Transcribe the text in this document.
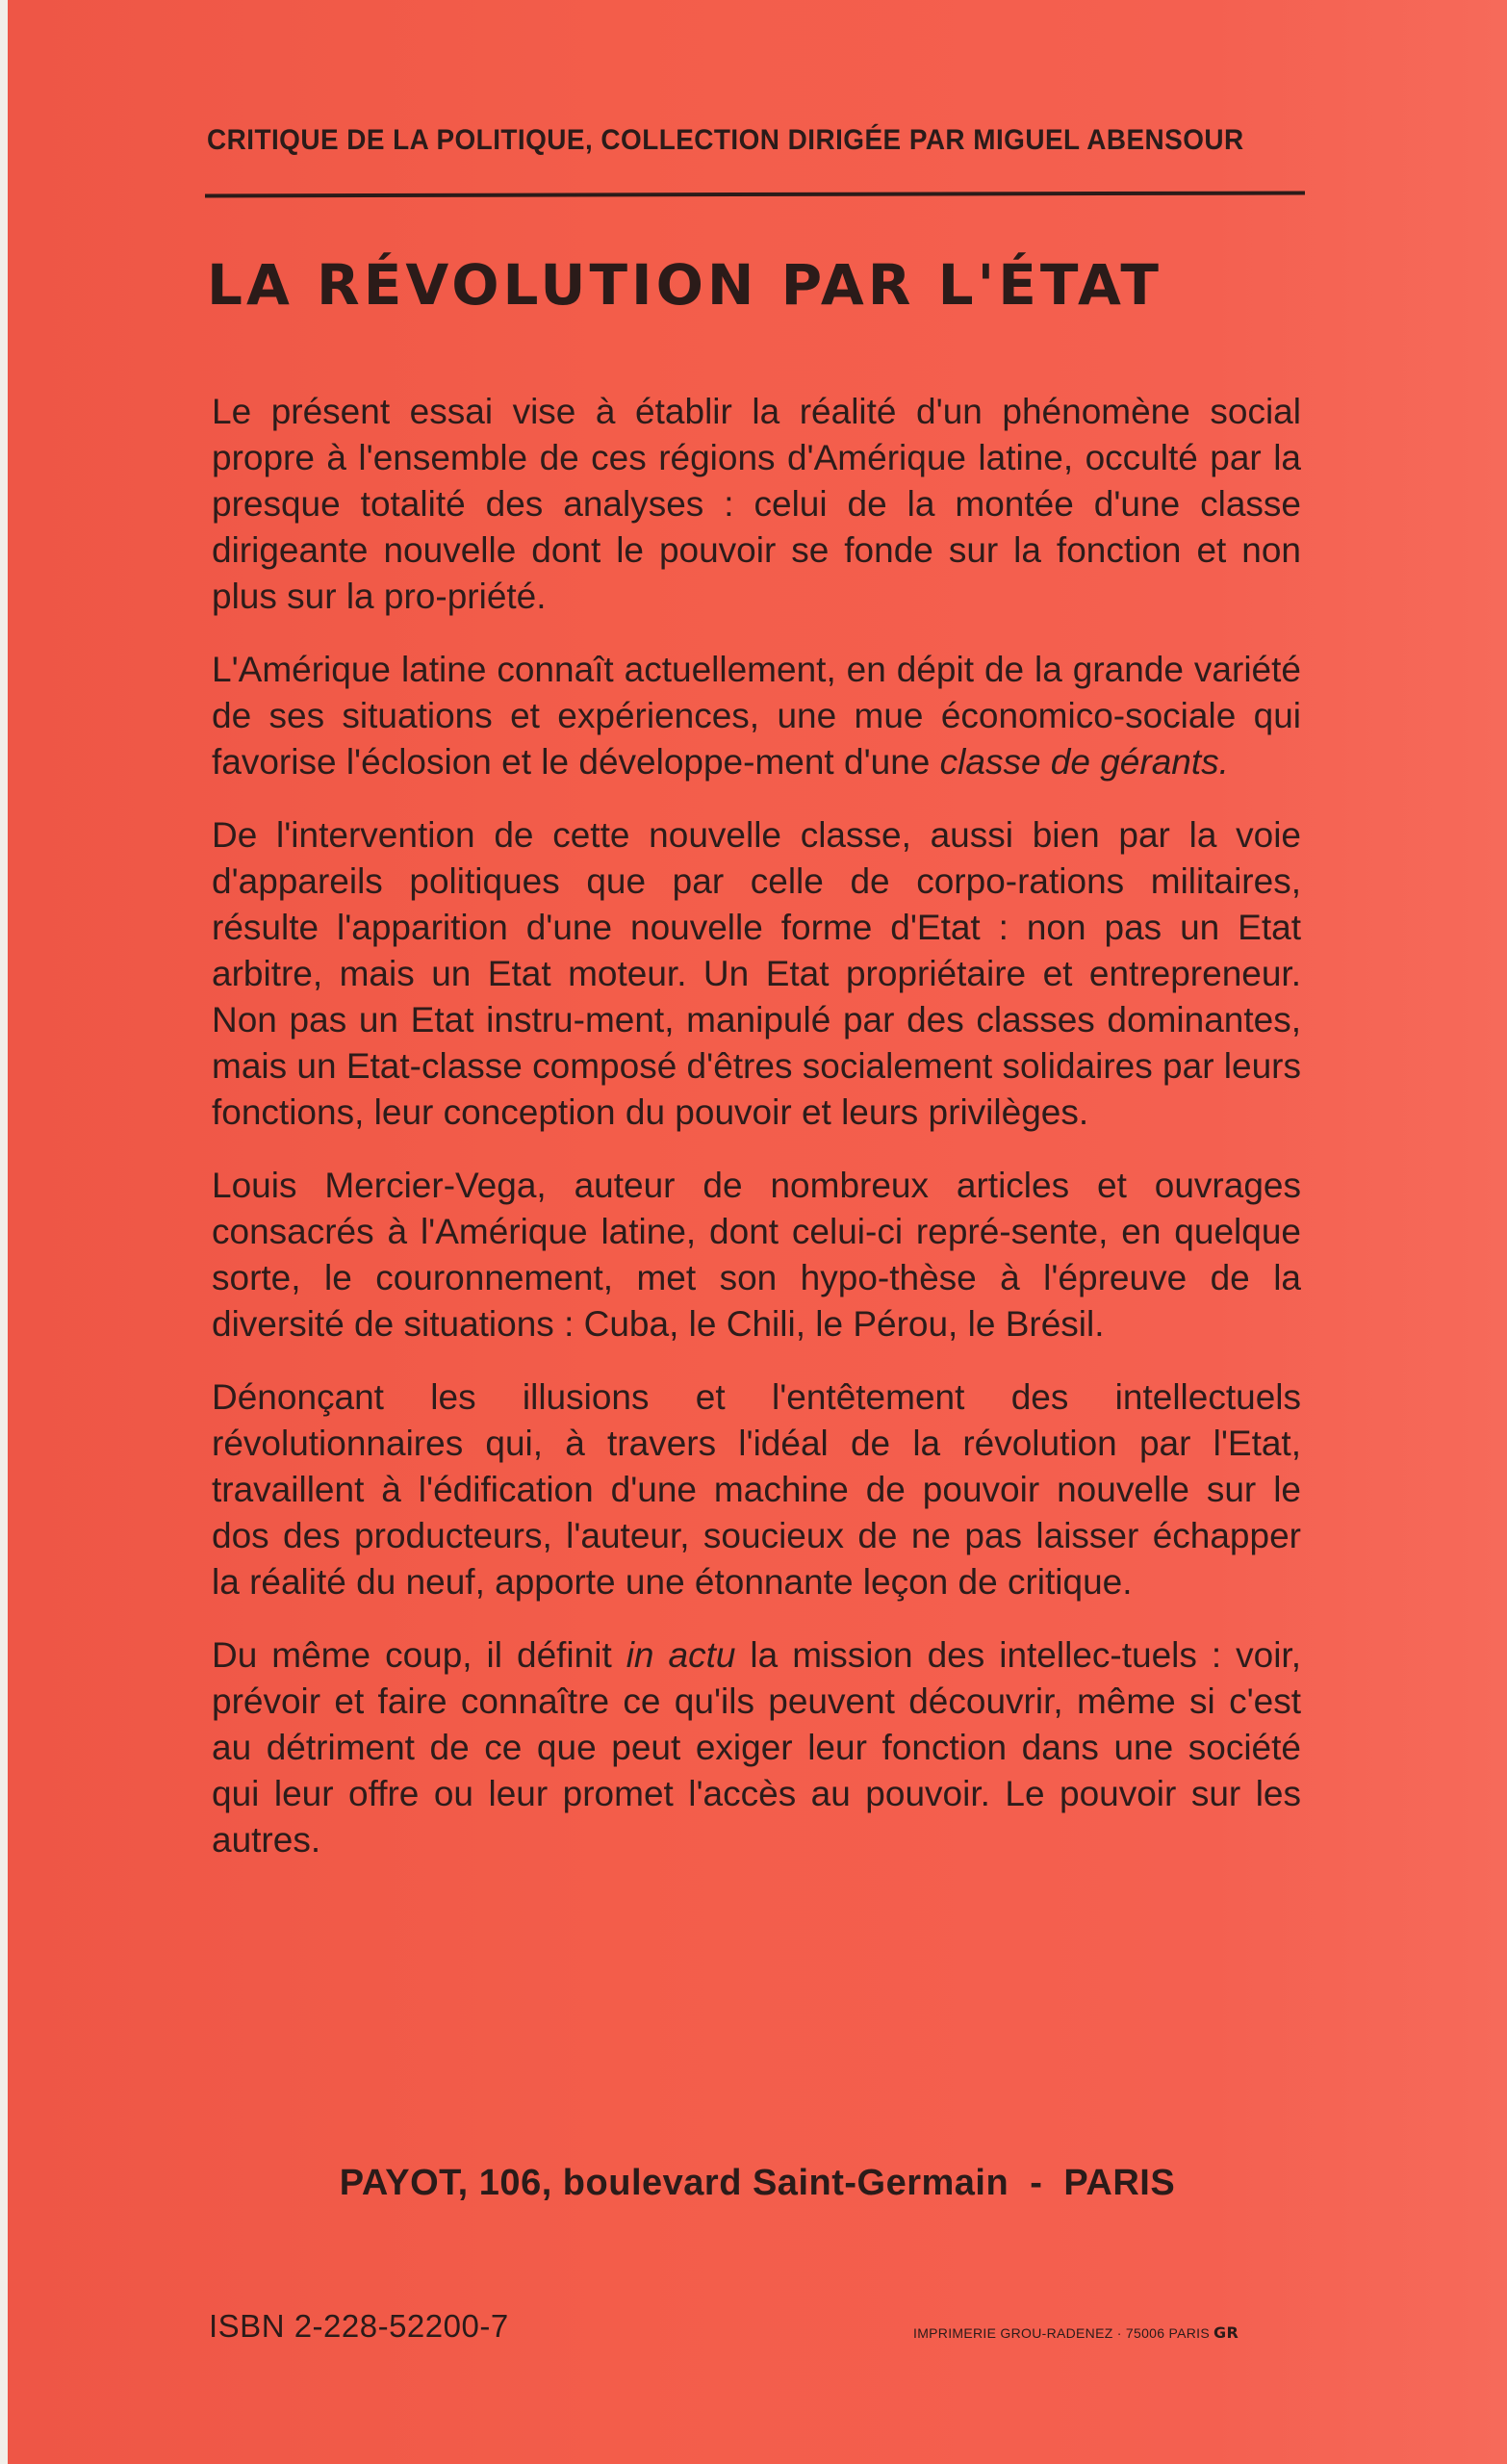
CRITIQUE DE LA POLITIQUE, COLLECTION DIRIGÉE PAR MIGUEL ABENSOUR
LA RÉVOLUTION PAR L'ÉTAT

Le présent essai vise à établir la réalité d'un phénomène social propre à l'ensemble de ces régions d'Amérique latine, occulté par la presque totalité des analyses : celui de la montée d'une classe dirigeante nouvelle dont le pouvoir se fonde sur la fonction et non plus sur la pro-priété.

L'Amérique latine connaît actuellement, en dépit de la grande variété de ses situations et expériences, une mue économico-sociale qui favorise l'éclosion et le développe-ment d'une classe de gérants.

De l'intervention de cette nouvelle classe, aussi bien par la voie d'appareils politiques que par celle de corpo-rations militaires, résulte l'apparition d'une nouvelle forme d'Etat : non pas un Etat arbitre, mais un Etat moteur. Un Etat propriétaire et entrepreneur. Non pas un Etat instru-ment, manipulé par des classes dominantes, mais un Etat-classe composé d'êtres socialement solidaires par leurs fonctions, leur conception du pouvoir et leurs privilèges.

Louis Mercier-Vega, auteur de nombreux articles et ouvrages consacrés à l'Amérique latine, dont celui-ci repré-sente, en quelque sorte, le couronnement, met son hypo-thèse à l'épreuve de la diversité de situations : Cuba, le Chili, le Pérou, le Brésil.

Dénonçant les illusions et l'entêtement des intellectuels révolutionnaires qui, à travers l'idéal de la révolution par l'Etat, travaillent à l'édification d'une machine de pouvoir nouvelle sur le dos des producteurs, l'auteur, soucieux de ne pas laisser échapper la réalité du neuf, apporte une étonnante leçon de critique.

Du même coup, il définit in actu la mission des intellec-tuels : voir, prévoir et faire connaître ce qu'ils peuvent découvrir, même si c'est au détriment de ce que peut exiger leur fonction dans une société qui leur offre ou leur promet l'accès au pouvoir. Le pouvoir sur les autres.

PAYOT, 106, boulevard Saint-Germain - PARIS
ISBN 2-228-52200-7	IMPRIMERIE GROU-RADENEZ · 75006 PARIS GR
